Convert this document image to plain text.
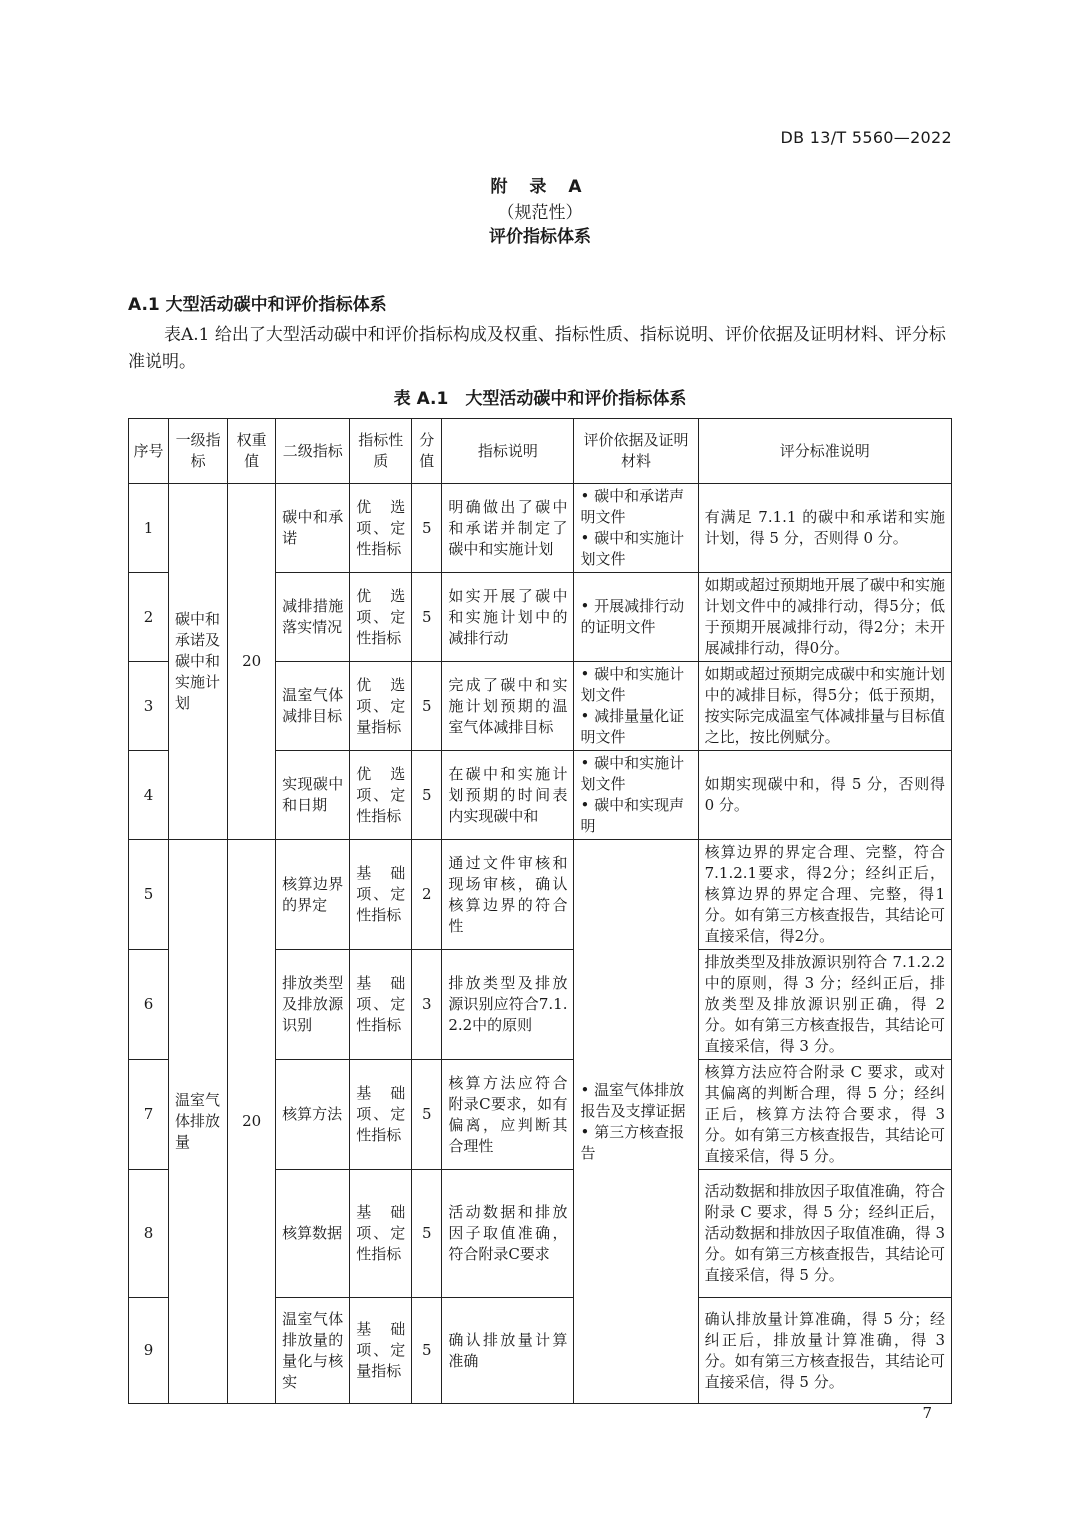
DB 13/T 5560—2022
附 录 A
（规范性）
评价指标体系
A.1 大型活动碳中和评价指标体系
表A.1 给出了大型活动碳中和评价指标构成及权重、指标性质、指标说明、评价依据及证明材料、评分标准说明。
表 A.1　大型活动碳中和评价指标体系
序号	一级指标	权重值	二级指标	指标性质	分值	指标说明	评价依据及证明材料	评分标准说明
1	碳中和承诺及碳中和实施计划	20	碳中和承诺	优选项、定性指标	5	明确做出了碳中和承诺并制定了碳中和实施计划	• 碳中和承诺声明文件
• 碳中和实施计划文件	有满足 7.1.1 的碳中和承诺和实施计划，得 5 分，否则得 0 分。
2			减排措施落实情况	优选项、定性指标	5	如实开展了碳中和实施计划中的减排行动	• 开展减排行动的证明文件	如期或超过预期地开展了碳中和实施计划文件中的减排行动，得5分；低于预期开展减排行动，得2分；未开展减排行动，得0分。
3			温室气体减排目标	优选项、定量指标	5	完成了碳中和实施计划预期的温室气体减排目标	• 碳中和实施计划文件
• 减排量量化证明文件	如期或超过预期完成碳中和实施计划中的减排目标，得5分；低于预期，按实际完成温室气体减排量与目标值之比，按比例赋分。
4			实现碳中和日期	优选项、定性指标	5	在碳中和实施计划预期的时间表内实现碳中和	• 碳中和实施计划文件
• 碳中和实现声明	如期实现碳中和，得 5 分，否则得 0 分。
5	温室气体排放量	20	核算边界的界定	基础项、定性指标	2	通过文件审核和现场审核，确认核算边界的符合性	• 温室气体排放报告及支撑证据
• 第三方核查报告	核算边界的界定合理、完整，符合 7.1.2.1要求，得2分；经纠正后，核算边界的界定合理、完整，得1分。如有第三方核查报告，其结论可直接采信，得2分。
6			排放类型及排放源识别	基础项、定性指标	3	排放类型及排放源识别应符合7.1.2.2中的原则		排放类型及排放源识别符合 7.1.2.2 中的原则，得 3 分；经纠正后，排放类型及排放源识别正确，得 2 分。如有第三方核查报告，其结论可直接采信，得 3 分。
7			核算方法	基础项、定性指标	5	核算方法应符合附录C要求，如有偏离，应判断其合理性		核算方法应符合附录 C 要求，或对其偏离的判断合理，得 5 分；经纠正后，核算方法符合要求，得 3 分。如有第三方核查报告，其结论可直接采信，得 5 分。
8			核算数据	基础项、定性指标	5	活动数据和排放因子取值准确，符合附录C要求		活动数据和排放因子取值准确，符合附录 C 要求，得 5 分；经纠正后，活动数据和排放因子取值准确，得 3 分。如有第三方核查报告，其结论可直接采信，得 5 分。
9			温室气体排放量的量化与核实	基础项、定量指标	5	确认排放量计算准确		确认排放量计算准确，得 5 分；经纠正后，排放量计算准确，得 3 分。如有第三方核查报告，其结论可直接采信，得 5 分。
7
